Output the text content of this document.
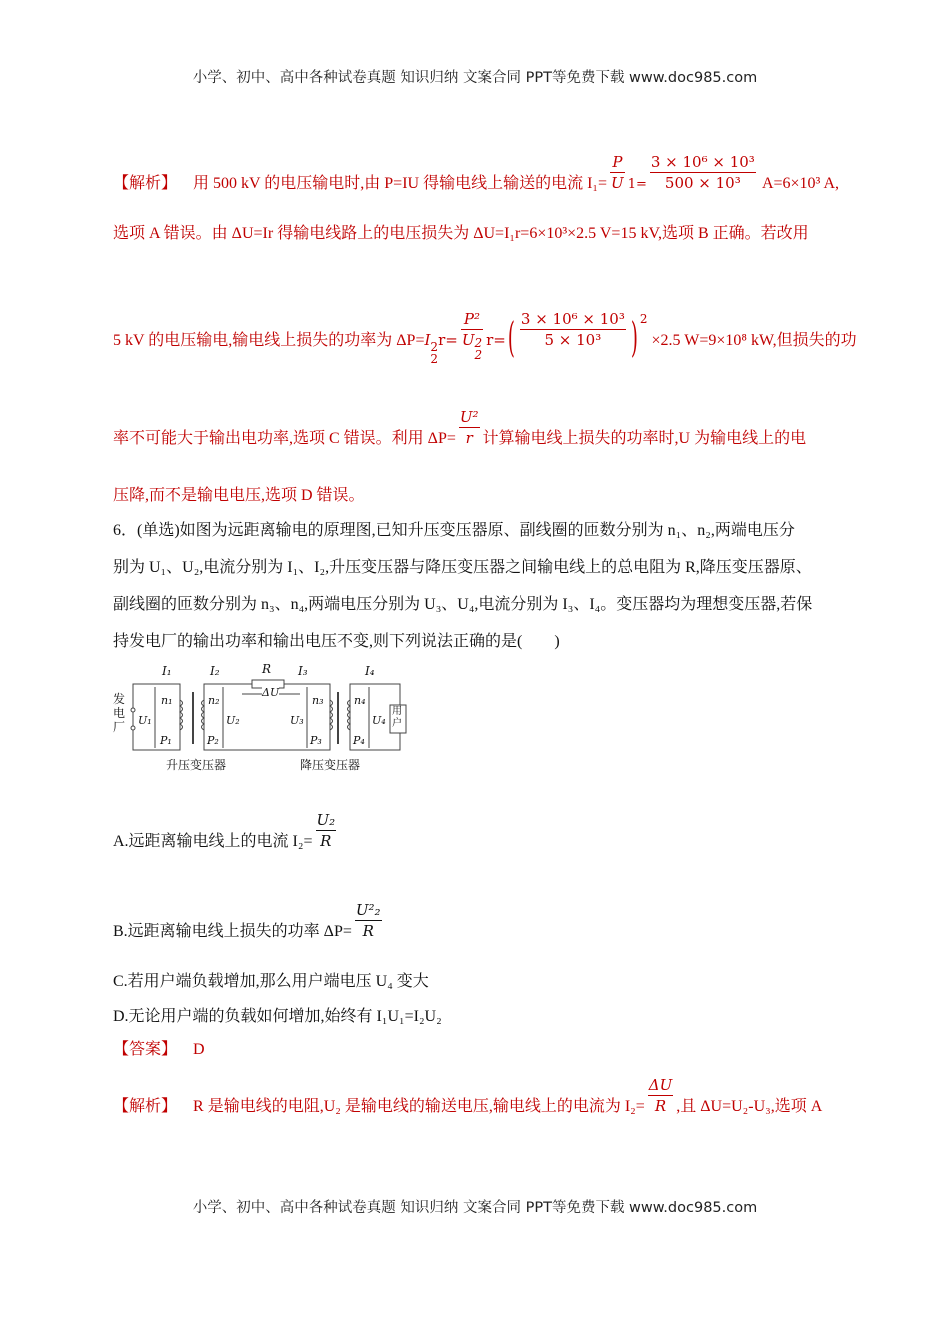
小学、初中、高中各种试卷真题 知识归纳 文案合同 PPT等免费下载 www.doc985.com
【解析】 用 500 kV 的电压输电时,由 P=IU 得输电线上输送的电流 $I_1= \frac{P}{U} 1= \frac{\text{3 × 10⁶ × 10³}}{\text{500 × 10³}} A=6\times 10^3$ A,
选项 A 错误。由 ΔU=Ir 得输电线路上的电压损失为 ΔU=I₁r=6×10³×2.5 V=15 kV,选项 B 正确。若改用
5 kV 的电压输电,输电线上损失的功率为 ΔP=I 2
2
r= P²
U 2
2 r= ( $\frac{\text{3 × 10⁶ × 10³}}{\text{5 × 10³}}$ ) 2 ×2.5 W=9×10⁸ kW,但损失的功
率不可能大于输出电功率,选项 C 错误。利用 $\Delta P= \frac{\text{U²}}{r}$ 计算输电线上损失的功率时,U 为输电线上的电
压降,而不是输电电压,选项 D 错误。
6．(单选)如图为远距离输电的原理图,已知升压变压器原、副线圈的匝数分别为 n₁、n₂,两端电压分
别为 U₁、U₂,电流分别为 I₁、I₂,升压变压器与降压变压器之间输电线上的总电阻为 R,降压变压器原、
副线圈的匝数分别为 n₃、n₄,两端电压分别为 U₃、U₄,电流分别为 I₃、I₄。变压器均为理想变压器,若保
持发电厂的输出功率和输出电压不变,则下列说法正确的是(　　)
发电厂
I₁	I₂	R I₃	I₄
ΔU
U₁	U₂	U₃	U₄
n₁	n₂	n₃	n₄
P₁	P₂	P₃	P₄
用户
升压变压器	降压变压器
A.远距离输电线上的电流 $I_2= \frac{\text{U₂}}{R}$
B.远距离输电线上损失的功率 $\Delta P= \frac{\text{U²₂}}{R}$
C.若用户端负载增加,那么用户端电压 U₄ 变大
D.无论用户端的负载如何增加,始终有 I₁U₁=I₂U₂
【答案】 D
【解析】 R 是输电线的电阻,U₂ 是输电线的输送电压,输电线上的电流为 $I_2= \frac{\Delta U}{R}$ ,且 ΔU=U₂-U₃,选项 A
小学、初中、高中各种试卷真题 知识归纳 文案合同 PPT等免费下载 www.doc985.com
